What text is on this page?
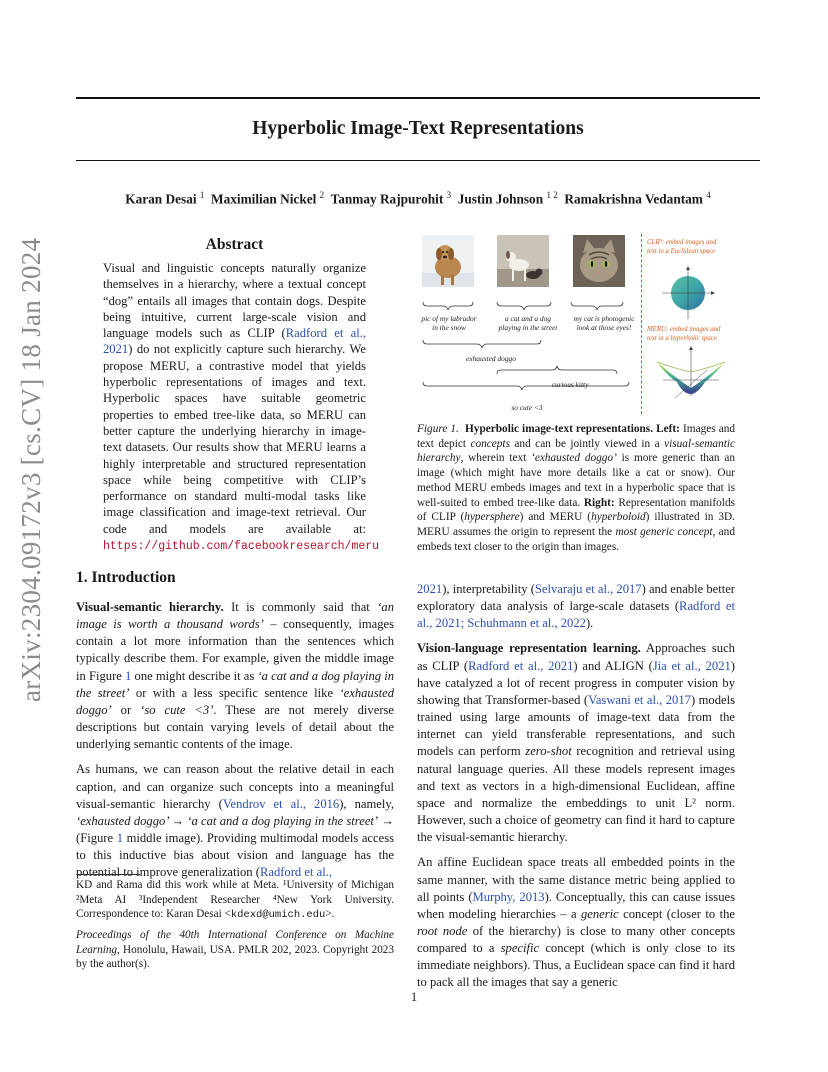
arXiv:2304.09172v3 [cs.CV] 18 Jan 2024
Hyperbolic Image-Text Representations
Karan Desai $^1$ Maximilian Nickel $^2$ Tanmay Rajpurohit $^3$ Justin Johnson $^{1 2}$ Ramakrishna Vedantam $^4$
Abstract
Visual and linguistic concepts naturally organize themselves in a hierarchy, where a textual concept “dog” entails all images that contain dogs. Despite being intuitive, current large-scale vision and language models such as CLIP (Radford et al., 2021) do not explicitly capture such hierarchy. We propose MERU, a contrastive model that yields hyperbolic representations of images and text. Hyperbolic spaces have suitable geometric properties to embed tree-like data, so MERU can better capture the underlying hierarchy in image-text datasets. Our results show that MERU learns a highly interpretable and structured representation space while being competitive with CLIP’s performance on standard multi-modal tasks like image classification and image-text retrieval. Our code and models are available at: https://github.com/facebookresearch/meru
pic of my labrador
in the snow
a cat and a dog
playing in the street
my cat is photogenic
look at those eyes!
exhausted doggo
curious kitty
so cute <3
CLIP: embed images and
text in a Euclidean space
MERU: embed images and
text in a hyperbolic space
Figure 1. Hyperbolic image-text representations. Left: Images and text depict concepts and can be jointly viewed in a visual-semantic hierarchy, wherein text ‘exhausted doggo’ is more generic than an image (which might have more details like a cat or snow). Our method MERU embeds images and text in a hyperbolic space that is well-suited to embed tree-like data. Right: Representation manifolds of CLIP (hypersphere) and MERU (hyperboloid) illustrated in 3D. MERU assumes the origin to represent the most generic concept, and embeds text closer to the origin than images.
1. Introduction

Visual-semantic hierarchy. It is commonly said that ‘an image is worth a thousand words’ – consequently, images contain a lot more information than the sentences which typically describe them. For example, given the middle image in Figure 1 one might describe it as ‘a cat and a dog playing in the street’ or with a less specific sentence like ‘exhausted doggo’ or ‘so cute <3’. These are not merely diverse descriptions but contain varying levels of detail about the underlying semantic contents of the image.

As humans, we can reason about the relative detail in each caption, and can organize such concepts into a meaningful visual-semantic hierarchy (Vendrov et al., 2016), namely, ‘exhausted doggo’ → ‘a cat and a dog playing in the street’ → (Figure 1 middle image). Providing multimodal models access to this inductive bias about vision and language has the potential to improve generalization (Radford et al.,

KD and Rama did this work while at Meta. ¹University of Michigan ²Meta AI ³Independent Researcher ⁴New York University. Correspondence to: Karan Desai <kdexd@umich.edu>.
Proceedings of the 40th International Conference on Machine Learning, Honolulu, Hawaii, USA. PMLR 202, 2023. Copyright 2023 by the author(s).

2021), interpretability (Selvaraju et al., 2017) and enable better exploratory data analysis of large-scale datasets (Radford et al., 2021; Schuhmann et al., 2022).

Vision-language representation learning. Approaches such as CLIP (Radford et al., 2021) and ALIGN (Jia et al., 2021) have catalyzed a lot of recent progress in computer vision by showing that Transformer-based (Vaswani et al., 2017) models trained using large amounts of image-text data from the internet can yield transferable representations, and such models can perform zero-shot recognition and retrieval using natural language queries. All these models represent images and text as vectors in a high-dimensional Euclidean, affine space and normalize the embeddings to unit L² norm. However, such a choice of geometry can find it hard to capture the visual-semantic hierarchy.

An affine Euclidean space treats all embedded points in the same manner, with the same distance metric being applied to all points (Murphy, 2013). Conceptually, this can cause issues when modeling hierarchies – a generic concept (closer to the root node of the hierarchy) is close to many other concepts compared to a specific concept (which is only close to its immediate neighbors). Thus, a Euclidean space can find it hard to pack all the images that say a generic

1
